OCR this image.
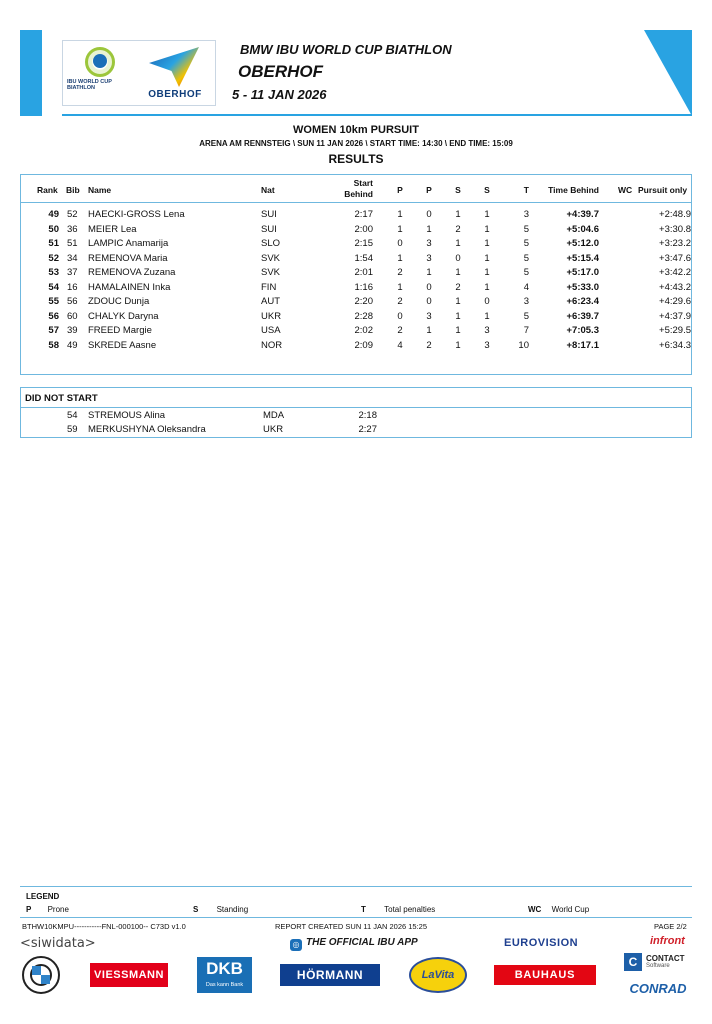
IBU WORLD CUP BIATHLON
OBERHOF
BMW IBU WORLD CUP BIATHLON
OBERHOF
5 - 11 JAN 2026
WOMEN 10km PURSUIT
ARENA AM RENNSTEIG \ SUN 11 JAN 2026 \ START TIME: 14:30 \ END TIME: 15:09
RESULTS
Rank Bib Name	Nat
Start
Behind	P	P	S	S	T	Time Behind WC Pursuit only
49 52 HAECKI-GROSS Lena	SUI	2:17	1	0	1	1	3	+4:39.7	+2:48.9
50 36 MEIER Lea	SUI	2:00	1	1	2	1	5	+5:04.6	+3:30.8
51 51 LAMPIC Anamarija	SLO	2:15	0	3	1	1	5	+5:12.0	+3:23.2
52 34 REMENOVA Maria	SVK	1:54	1	3	0	1	5	+5:15.4	+3:47.6
53 37 REMENOVA Zuzana	SVK	2:01	2	1	1	1	5	+5:17.0	+3:42.2
54 16 HAMALAINEN Inka	FIN	1:16	1	0	2	1	4	+5:33.0	+4:43.2
55 56 ZDOUC Dunja	AUT	2:20	2	0	1	0	3	+6:23.4	+4:29.6
56 60 CHALYK Daryna	UKR	2:28	0	3	1	1	5	+6:39.7	+4:37.9
57 39 FREED Margie	USA	2:02	2	1	1	3	7	+7:05.3	+5:29.5
58 49 SKREDE Aasne	NOR	2:09	4	2	1	3	10	+8:17.1	+6:34.3
DID NOT START
54 STREMOUS Alina	MDA	2:18
59 MERKUSHYNA Oleksandra	UKR	2:27
LEGEND
P Prone	S Standing	T Total penalties	WC World Cup
BTHW10KMPU-----------FNL-000100-- C73D v1.0	REPORT CREATED SUN 11 JAN 2026 15:25	PAGE 2/2
<siwidata>	◎ THE OFFICIAL IBU APP	EUROVISION	infront
VIESSMANN	DKB
Das kann Bank
HÖRMANN	LaVita	BAUHAUS
C	CONTACT
Software
CONRAD
